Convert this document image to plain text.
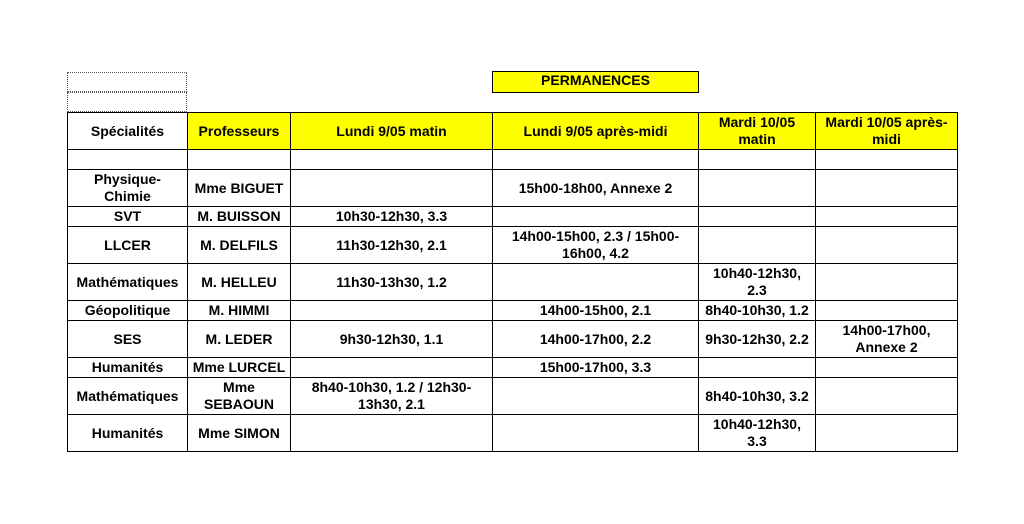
PERMANENCES
Spécialités	Professeurs	Lundi 9/05 matin	Lundi 9/05 après-midi	Mardi 10/05 matin	Mardi 10/05 après-midi

Physique-Chimie	Mme BIGUET		15h00-18h00, Annexe 2		
SVT	M. BUISSON	10h30-12h30, 3.3			
LLCER	M. DELFILS	11h30-12h30, 2.1	14h00-15h00, 2.3 / 15h00-16h00, 4.2		
Mathématiques	M. HELLEU	11h30-13h30, 1.2		10h40-12h30, 2.3	
Géopolitique	M. HIMMI		14h00-15h00, 2.1	8h40-10h30, 1.2	
SES	M. LEDER	9h30-12h30, 1.1	14h00-17h00, 2.2	9h30-12h30, 2.2	14h00-17h00, Annexe 2
Humanités	Mme LURCEL		15h00-17h00, 3.3		
Mathématiques	Mme SEBAOUN	8h40-10h30, 1.2 / 12h30-13h30, 2.1		8h40-10h30, 3.2	
Humanités	Mme SIMON			10h40-12h30, 3.3	
